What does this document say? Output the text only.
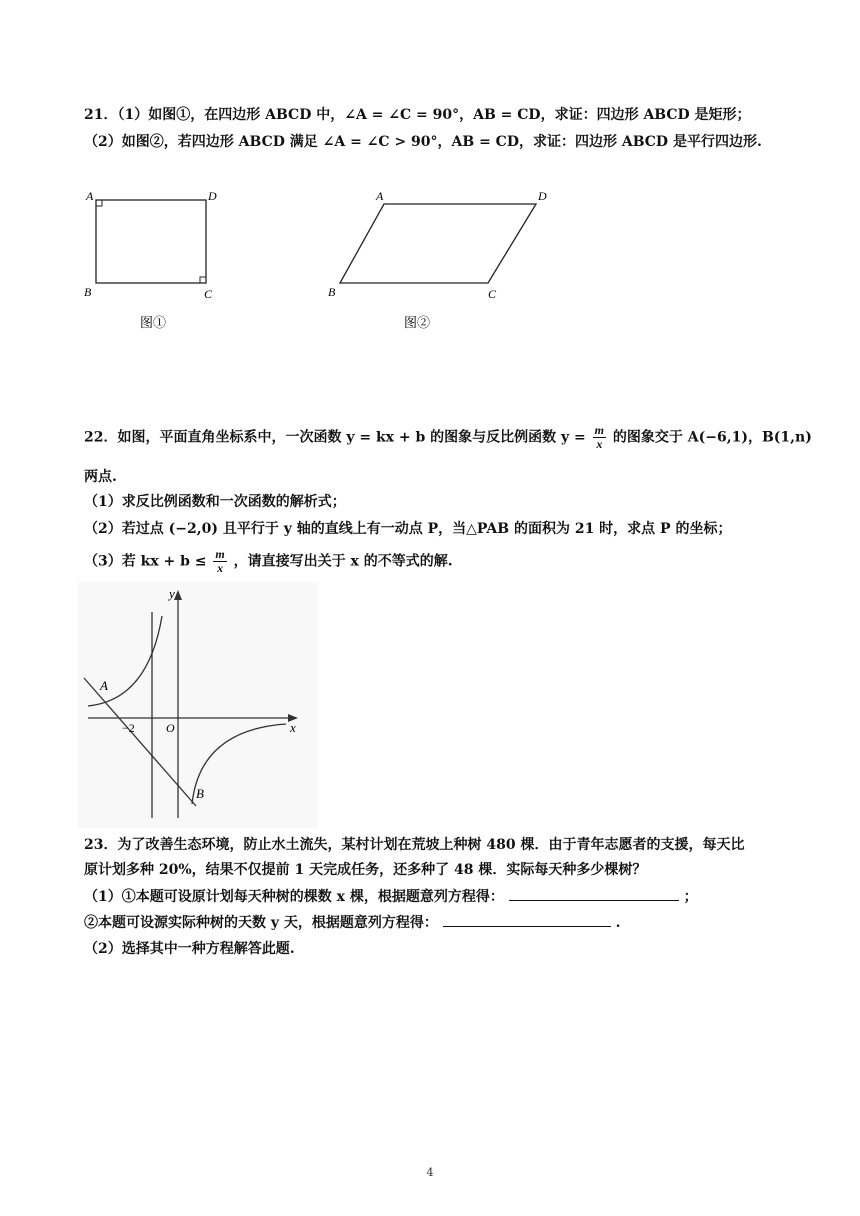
21．（1）如图①，在四边形 ABCD 中，∠A = ∠C = 90°，AB = CD，求证：四边形 ABCD 是矩形；
（2）如图②，若四边形 ABCD 满足 ∠A = ∠C > 90°，AB = CD，求证：四边形 ABCD 是平行四边形.
A	D
B	C
图①
A	D
B	C
图②
22．如图，平面直角坐标系中，一次函数 y = kx + b 的图象与反比例函数 $y = \frac{m}{x}$ 的图象交于 A(−6,1)，B(1,n)
两点.
（1）求反比例函数和一次函数的解析式；
（2）若过点 (−2,0) 且平行于 y 轴的直线上有一动点 P，当△PAB 的面积为 21 时，求点 P 的坐标；
（3）若 kx + $b \le \frac{m}{x}$ ，请直接写出关于 x 的不等式的解.
y
x
O
−2
A
B
23．为了改善生态环境，防止水土流失，某村计划在荒坡上种树 480 棵．由于青年志愿者的支援，每天比
原计划多种 20%，结果不仅提前 1 天完成任务，还多种了 48 棵．实际每天种多少棵树？
（1）①本题可设原计划每天种树的棵数 x 棵，根据题意列方程得：	；
②本题可设源实际种树的天数 y 天，根据题意列方程得：	.
（2）选择其中一种方程解答此题.
4
